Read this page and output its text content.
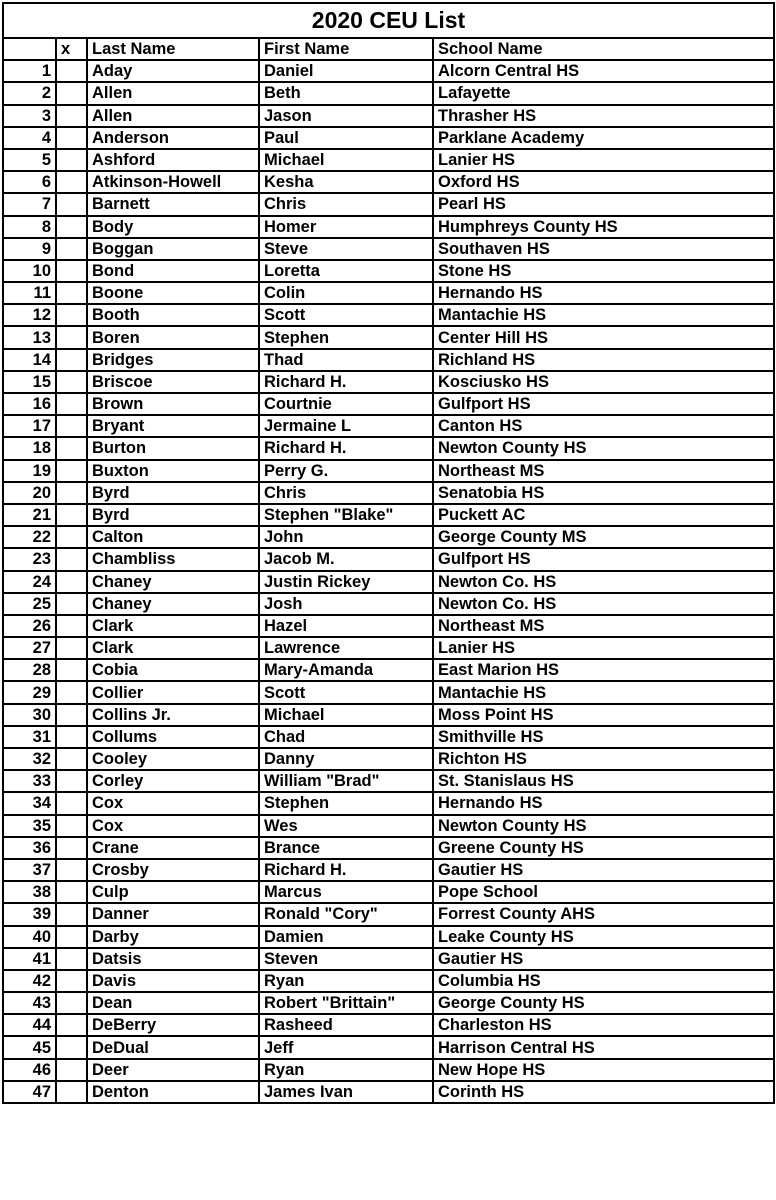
2020 CEU List				
	x	Last Name	First Name	School Name
1		Aday	Daniel	Alcorn Central HS
2		Allen	Beth	Lafayette
3		Allen	Jason	Thrasher HS
4		Anderson	Paul	Parklane Academy
5		Ashford	Michael	Lanier HS
6		Atkinson-Howell	Kesha	Oxford HS
7		Barnett	Chris	Pearl HS
8		Body	Homer	Humphreys County HS
9		Boggan	Steve	Southaven HS
10		Bond	Loretta	Stone HS
11		Boone	Colin	Hernando HS
12		Booth	Scott	Mantachie HS
13		Boren	Stephen	Center Hill HS
14		Bridges	Thad	Richland HS
15		Briscoe	Richard H.	Kosciusko HS
16		Brown	Courtnie	Gulfport HS
17		Bryant	Jermaine L	Canton HS
18		Burton	Richard H.	Newton County HS
19		Buxton	Perry G.	Northeast MS
20		Byrd	Chris	Senatobia HS
21		Byrd	Stephen "Blake"	Puckett AC
22		Calton	John	George County MS
23		Chambliss	Jacob M.	Gulfport HS
24		Chaney	Justin Rickey	Newton Co. HS
25		Chaney	Josh	Newton Co. HS
26		Clark	Hazel	Northeast MS
27		Clark	Lawrence	Lanier HS
28		Cobia	Mary-Amanda	East Marion HS
29		Collier	Scott	Mantachie HS
30		Collins Jr.	Michael	Moss Point HS
31		Collums	Chad	Smithville HS
32		Cooley	Danny	Richton HS
33		Corley	William "Brad"	St. Stanislaus HS
34		Cox	Stephen	Hernando HS
35		Cox	Wes	Newton County HS
36		Crane	Brance	Greene County HS
37		Crosby	Richard H.	Gautier HS
38		Culp	Marcus	Pope School
39		Danner	Ronald "Cory"	Forrest County AHS
40		Darby	Damien	Leake County HS
41		Datsis	Steven	Gautier HS
42		Davis	Ryan	Columbia HS
43		Dean	Robert "Brittain"	George County HS
44		DeBerry	Rasheed	Charleston HS
45		DeDual	Jeff	Harrison Central HS
46		Deer	Ryan	New Hope HS
47		Denton	James Ivan	Corinth HS
